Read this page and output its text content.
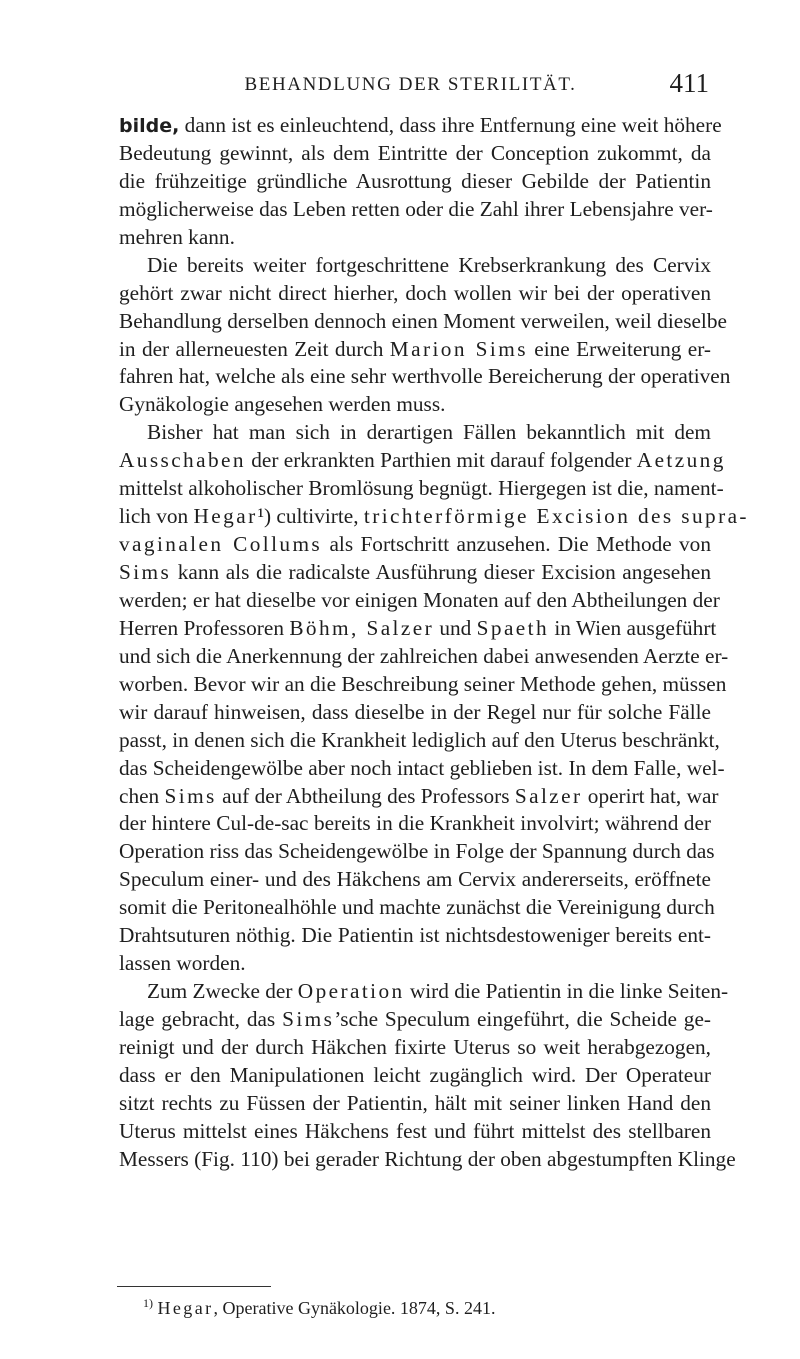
BEHANDLUNG DER STERILITÄT.	411
bilde, dann ist es einleuchtend, dass ihre Entfernung eine weit höhere
Bedeutung gewinnt, als dem Eintritte der Conception zukommt, da
die frühzeitige gründliche Ausrottung dieser Gebilde der Patientin
möglicherweise das Leben retten oder die Zahl ihrer Lebensjahre ver-
mehren kann.
Die bereits weiter fortgeschrittene Krebserkrankung des Cervix
gehört zwar nicht direct hierher, doch wollen wir bei der operativen
Behandlung derselben dennoch einen Moment verweilen, weil dieselbe
in der allerneuesten Zeit durch Marion Sims eine Erweiterung er-
fahren hat, welche als eine sehr werthvolle Bereicherung der operativen
Gynäkologie angesehen werden muss.
Bisher hat man sich in derartigen Fällen bekanntlich mit dem
Ausschaben der erkrankten Parthien mit darauf folgender Aetzung
mittelst alkoholischer Bromlösung begnügt. Hiergegen ist die, nament-
lich von Hegar¹) cultivirte, trichterförmige Excision des supra-
vaginalen Collums als Fortschritt anzusehen. Die Methode von
Sims kann als die radicalste Ausführung dieser Excision angesehen
werden; er hat dieselbe vor einigen Monaten auf den Abtheilungen der
Herren Professoren Böhm, Salzer und Spaeth in Wien ausgeführt
und sich die Anerkennung der zahlreichen dabei anwesenden Aerzte er-
worben. Bevor wir an die Beschreibung seiner Methode gehen, müssen
wir darauf hinweisen, dass dieselbe in der Regel nur für solche Fälle
passt, in denen sich die Krankheit lediglich auf den Uterus beschränkt,
das Scheidengewölbe aber noch intact geblieben ist. In dem Falle, wel-
chen Sims auf der Abtheilung des Professors Salzer operirt hat, war
der hintere Cul-de-sac bereits in die Krankheit involvirt; während der
Operation riss das Scheidengewölbe in Folge der Spannung durch das
Speculum einer- und des Häkchens am Cervix andererseits, eröffnete
somit die Peritonealhöhle und machte zunächst die Vereinigung durch
Drahtsuturen nöthig. Die Patientin ist nichtsdestoweniger bereits ent-
lassen worden.
Zum Zwecke der Operation wird die Patientin in die linke Seiten-
lage gebracht, das Sims’sche Speculum eingeführt, die Scheide ge-
reinigt und der durch Häkchen fixirte Uterus so weit herabgezogen,
dass er den Manipulationen leicht zugänglich wird. Der Operateur
sitzt rechts zu Füssen der Patientin, hält mit seiner linken Hand den
Uterus mittelst eines Häkchens fest und führt mittelst des stellbaren
Messers (Fig. 110) bei gerader Richtung der oben abgestumpften Klinge
$^{1)}$ Hegar, Operative Gynäkologie. 1874, S. 241.
